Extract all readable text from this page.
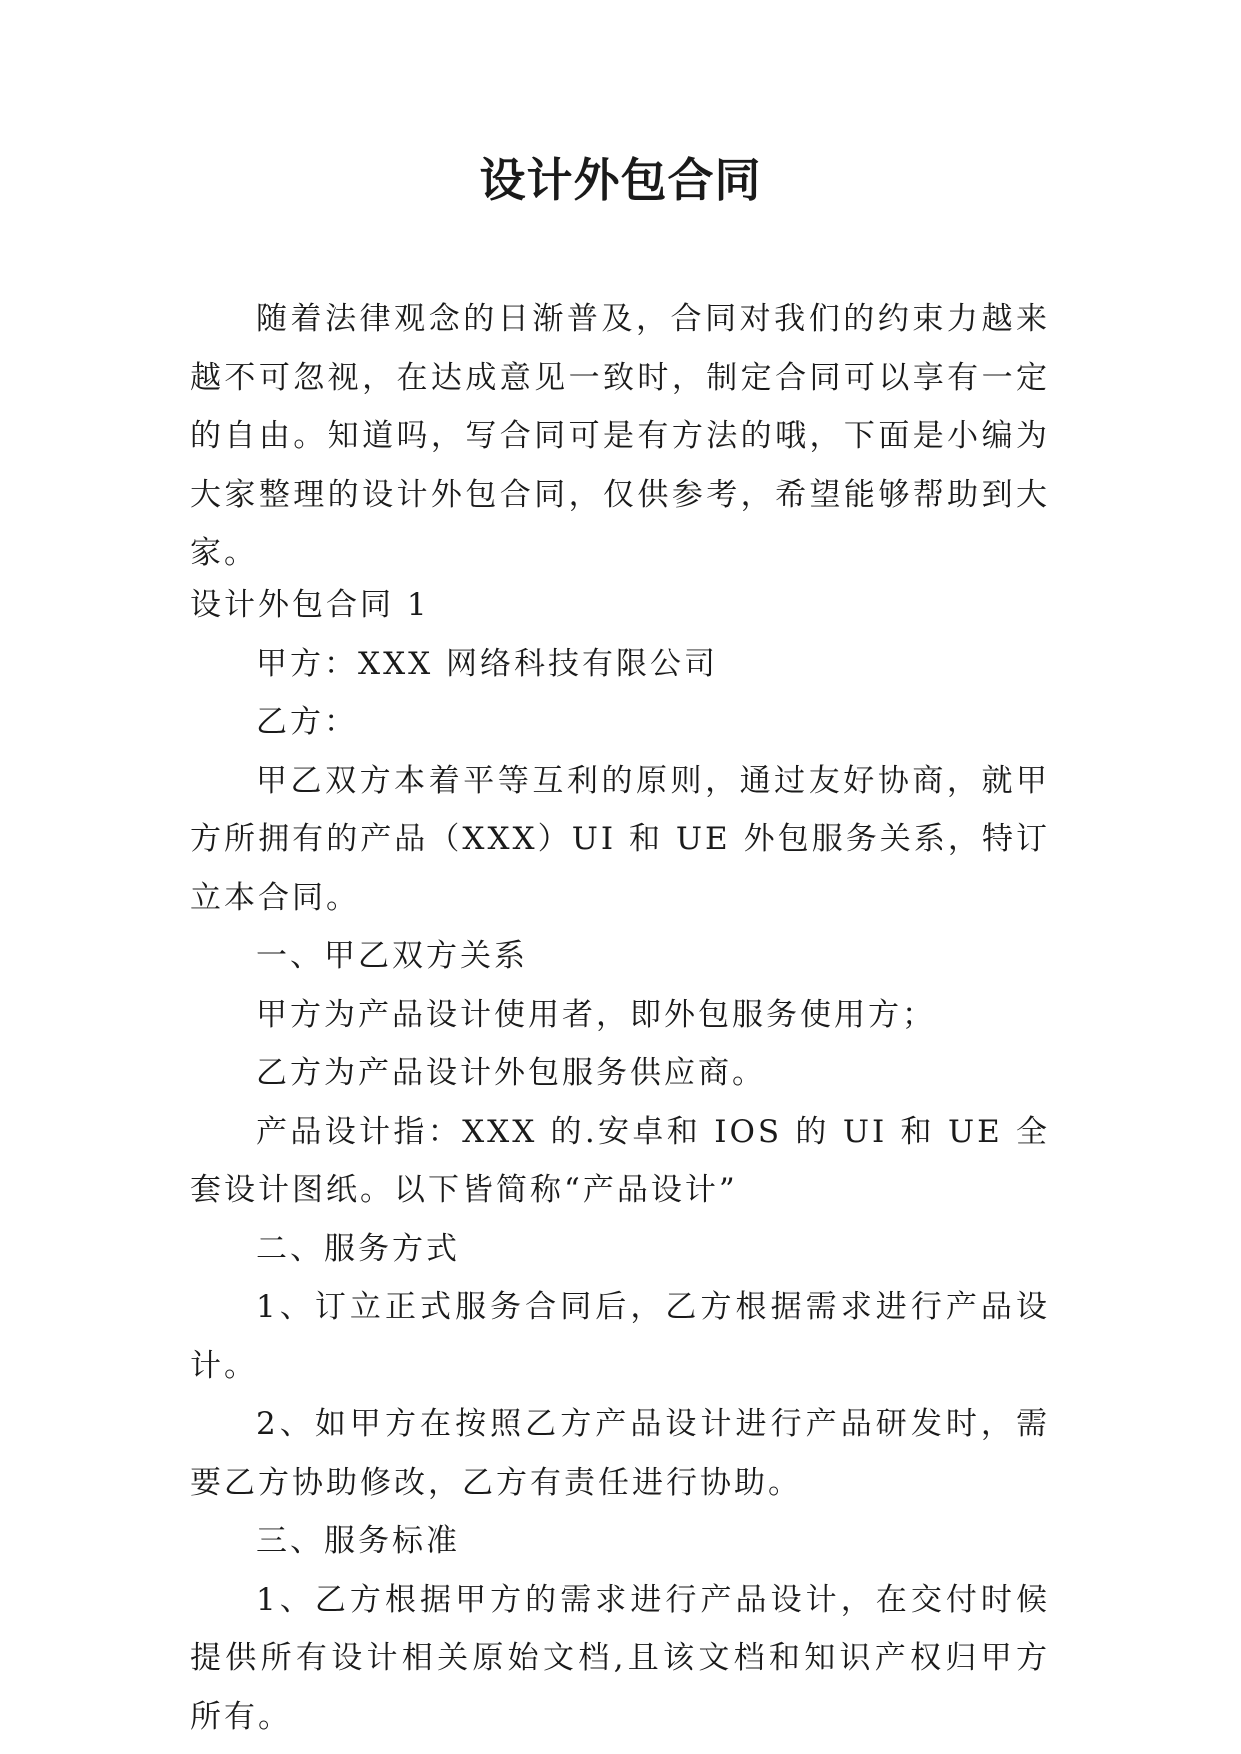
设计外包合同

随着法律观念的日渐普及，合同对我们的约束力越来越不可忽视，在达成意见一致时，制定合同可以享有一定的自由。知道吗，写合同可是有方法的哦，下面是小编为大家整理的设计外包合同，仅供参考，希望能够帮助到大家。

设计外包合同 1

甲方：XXX 网络科技有限公司

乙方：

甲乙双方本着平等互利的原则，通过友好协商，就甲方所拥有的产品（XXX）UI 和 UE 外包服务关系，特订立本合同。

一、甲乙双方关系

甲方为产品设计使用者，即外包服务使用方；

乙方为产品设计外包服务供应商。

产品设计指：XXX 的.安卓和 IOS 的 UI 和 UE 全套设计图纸。以下皆简称“产品设计”

二、服务方式

1、订立正式服务合同后，乙方根据需求进行产品设计。

2、如甲方在按照乙方产品设计进行产品研发时，需要乙方协助修改，乙方有责任进行协助。

三、服务标准

1、乙方根据甲方的需求进行产品设计，在交付时候提供所有设计相关原始文档,且该文档和知识产权归甲方所有。
